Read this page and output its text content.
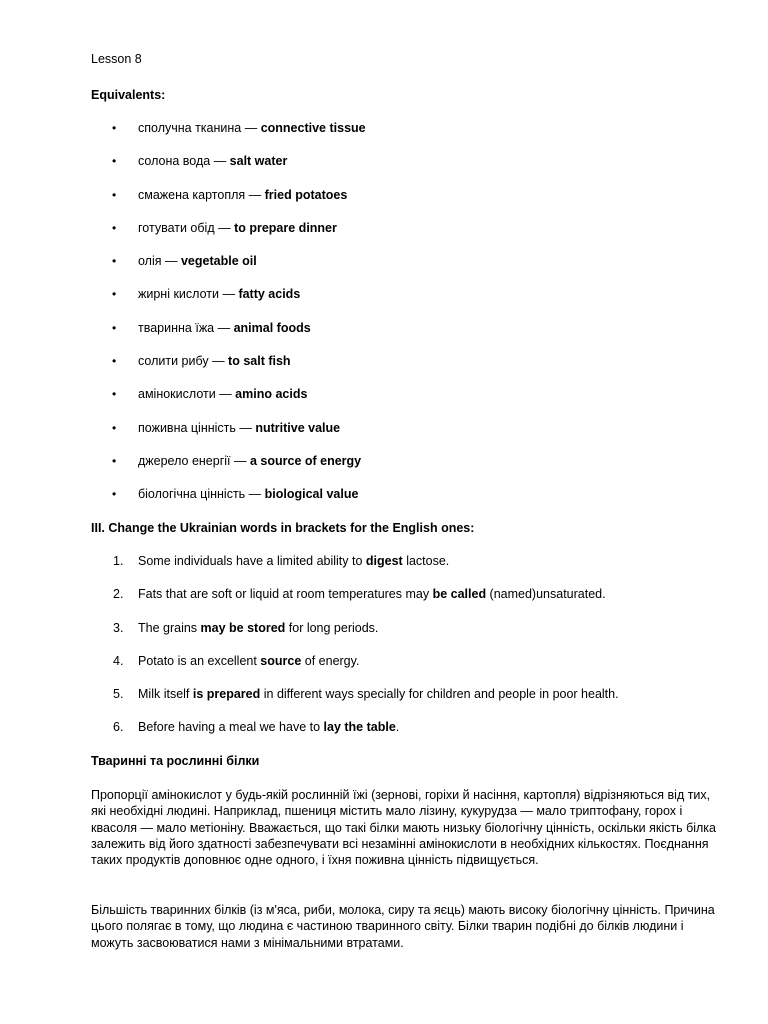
Lesson 8
Equivalents:
• сполучна тканина — connective tissue
• солона вода — salt water
• смажена картопля — fried potatoes
• готувати обід — to prepare dinner
• олія — vegetable oil
• жирні кислоти — fatty acids
• тваринна їжа — animal foods
• солити рибу — to salt fish
• амінокислоти — amino acids
• поживна цінність — nutritive value
• джерело енергії — a source of energy
• біологічна цінність — biological value
III. Change the Ukrainian words in brackets for the English ones:
1. Some individuals have a limited ability to digest lactose.
2. Fats that are soft or liquid at room temperatures may be called (named)unsaturated.
3. The grains may be stored for long periods.
4. Potato is an excellent source of energy.
5. Milk itself is prepared in different ways specially for children and people in poor health.
6. Before having a meal we have to lay the table.
Тваринні та рослинні білки

Пропорції амінокислот у будь-якій рослинній їжі (зернові, горіхи й насіння, картопля) відрізняються від тих, які необхідні людині. Наприклад, пшениця містить мало лізину, кукурудза — мало триптофану, горох і квасоля — мало метіоніну. Вважається, що такі білки мають низьку біологічну цінність, оскільки якість білка залежить від його здатності забезпечувати всі незамінні амінокислоти в необхідних кількостях. Поєднання таких продуктів доповнює одне одного, і їхня поживна цінність підвищується.

Більшість тваринних білків (із м'яса, риби, молока, сиру та яєць) мають високу біологічну цінність. Причина цього полягає в тому, що людина є частиною тваринного світу. Білки тварин подібні до білків людини і можуть засвоюватися нами з мінімальними втратами.
